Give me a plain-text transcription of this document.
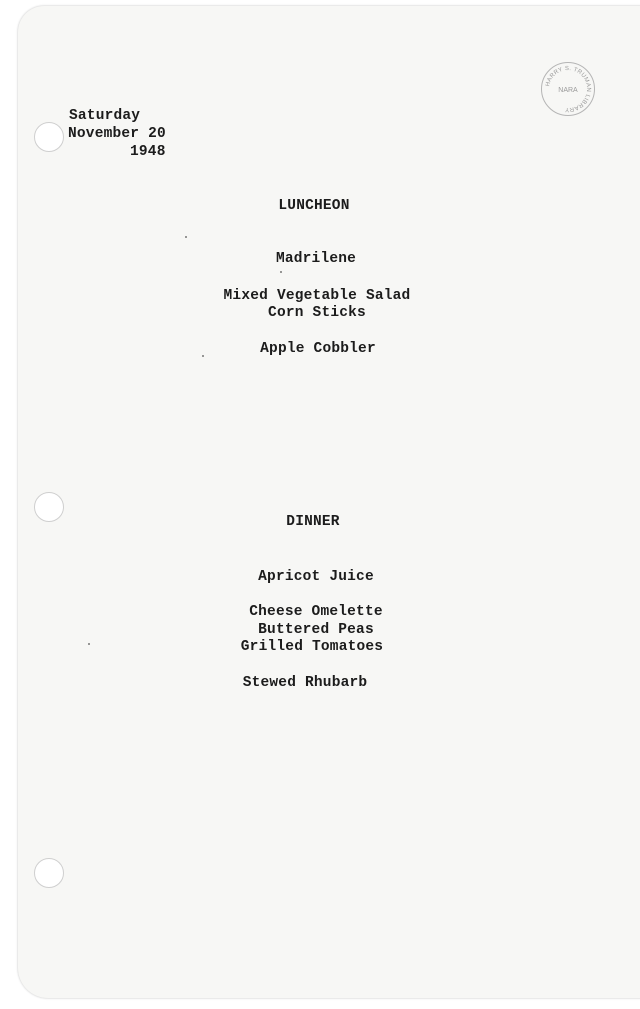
HARRY S. TRUMAN LIBRARY
NARA
Saturday
November 20
1948
LUNCHEON
Madrilene
Mixed Vegetable Salad
Corn Sticks
Apple Cobbler
DINNER
Apricot Juice
Cheese Omelette
Buttered Peas
Grilled Tomatoes
Stewed Rhubarb
